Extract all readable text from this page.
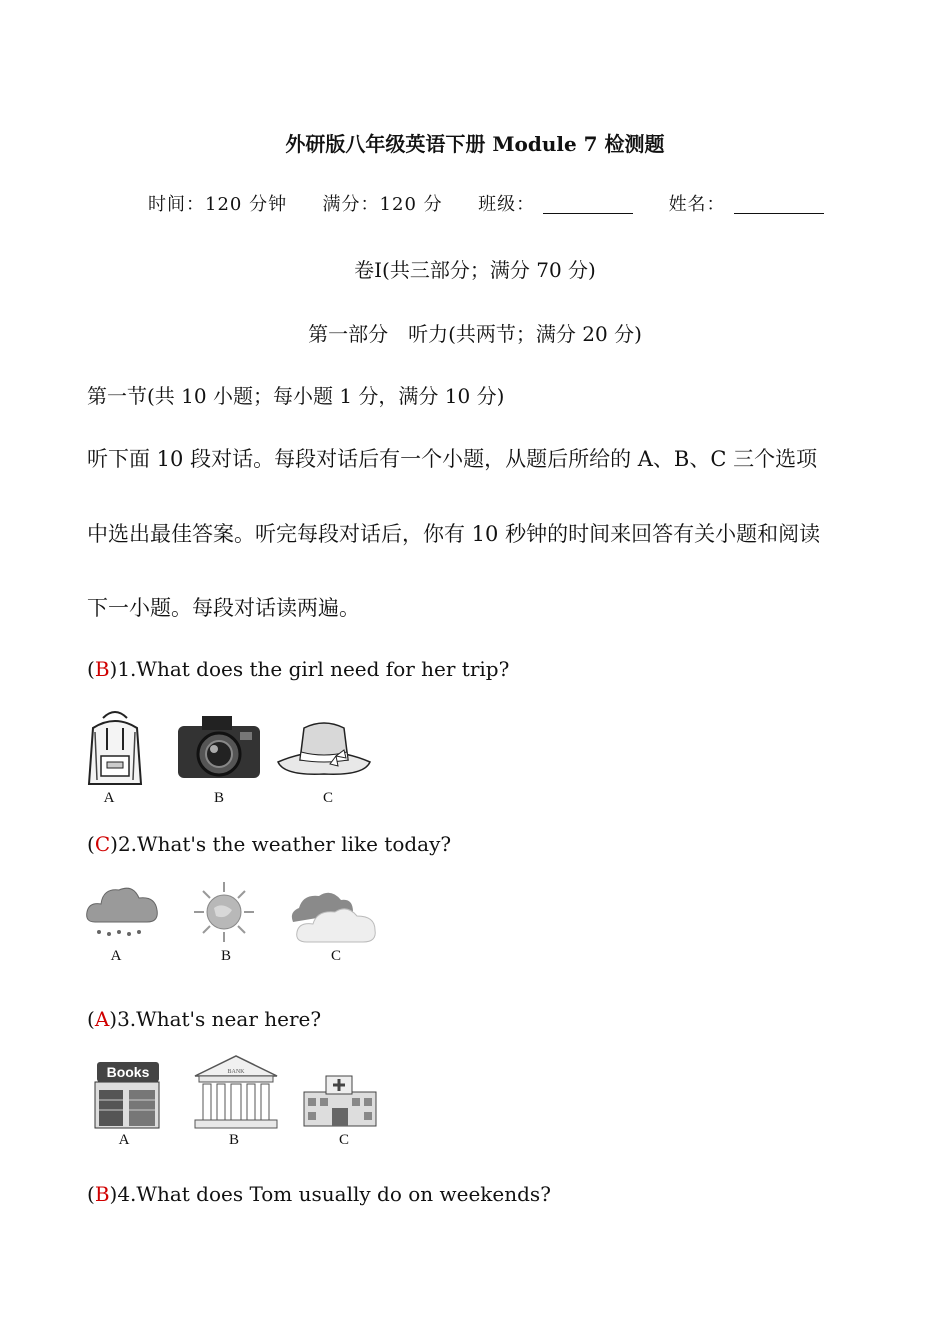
外研版八年级英语下册 Module 7 检测题
时间：120 分钟 满分：120 分 班级：	姓名：
卷Ⅰ(共三部分；满分 70 分)
第一部分　听力(共两节；满分 20 分)
第一节(共 10 小题；每小题 1 分，满分 10 分)
听下面 10 段对话。每段对话后有一个小题，从题后所给的 A、B、C 三个选项
中选出最佳答案。听完每段对话后，你有 10 秒钟的时间来回答有关小题和阅读
下一小题。每段对话读两遍。
(B)1.What does the girl need for her trip?
A	B	C
(C)2.What's the weather like today?
A	B	C
(A)3.What's near here?
Books	BANK
A	B	C
(B)4.What does Tom usually do on weekends?
